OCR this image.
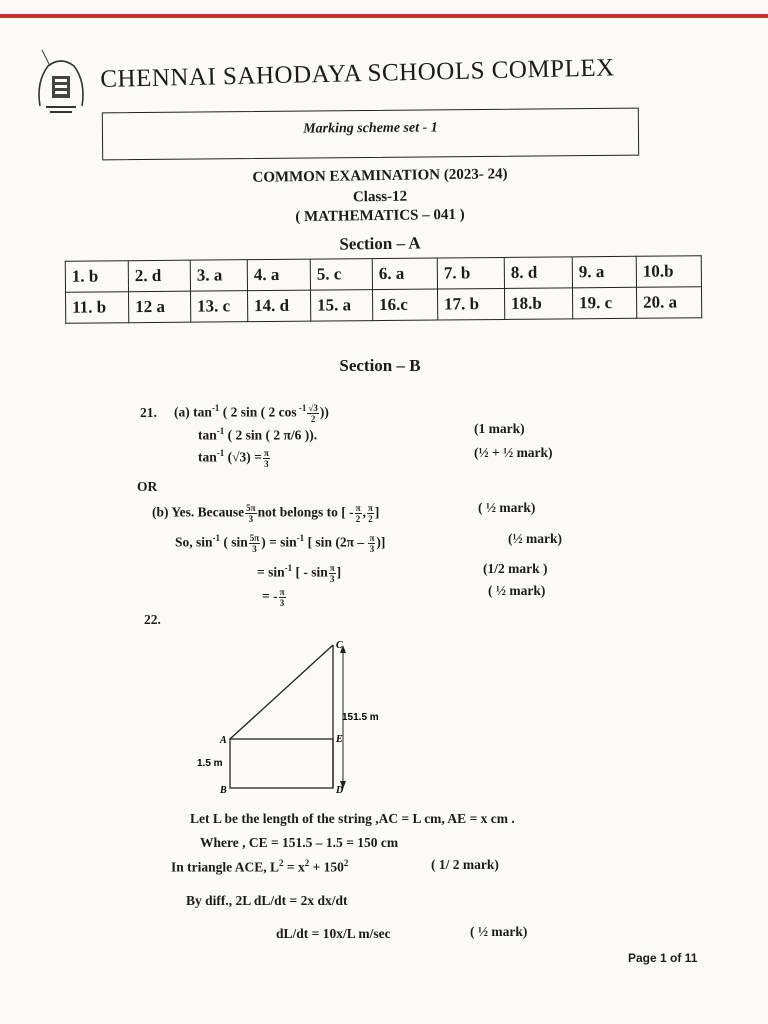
CHENNAI SAHODAYA SCHOOLS COMPLEX
Marking scheme set - 1
COMMON EXAMINATION (2023- 24)
Class-12
( MATHEMATICS – 041 )
Section – A
1. b	2. d	3. a	4. a	5. c	6. a	7. b	8. d	9. a	10.b
11. b	12 a	13. c	14. d	15. a	16.c	17. b	18.b	19. c	20. a
Section – B
21. (a) $\tan^{-1}$ ( 2 sin ( 2 $\cos ^{-1} \frac{√3}{2}$ ))
$\tan^{-1}$ ( 2 sin ( 2 π/6 )).
$\tan^{-1} (√3) = \frac{\pi}{3}$
(1 mark)
(½ + ½ mark)
OR
(b) Yes. Because $\frac{5\pi}{3}$ not belongs to [ - $\frac{\pi}{2}$ , $\frac{\pi}{2}$ ]	( ½ mark)
So, $\sin^{-1}$ ( $\sin \frac{5\pi}{3}$ ) = $\sin^{-1}$ [ $\sin (2\pi - \frac{\pi}{3}$ )]	(½ mark)
= $\sin^{-1}$ [ - $\sin \frac{\pi}{3}$ ]	(1/2 mark )
= - $\frac{\pi}{3}$	( ½ mark)
22.
C
A	E
B	D
151.5 m
1.5 m
Let L be the length of the string ,AC = L cm, AE = x cm .
Where , CE = 151.5 – 1.5 = 150 cm
In triangle ACE, $L^2 = x^2 + 150^2$	( 1/ 2 mark)
By diff., 2L dL/dt = 2x dx/dt
dL/dt = 10x/L m/sec	( ½ mark)
Page 1 of 11
